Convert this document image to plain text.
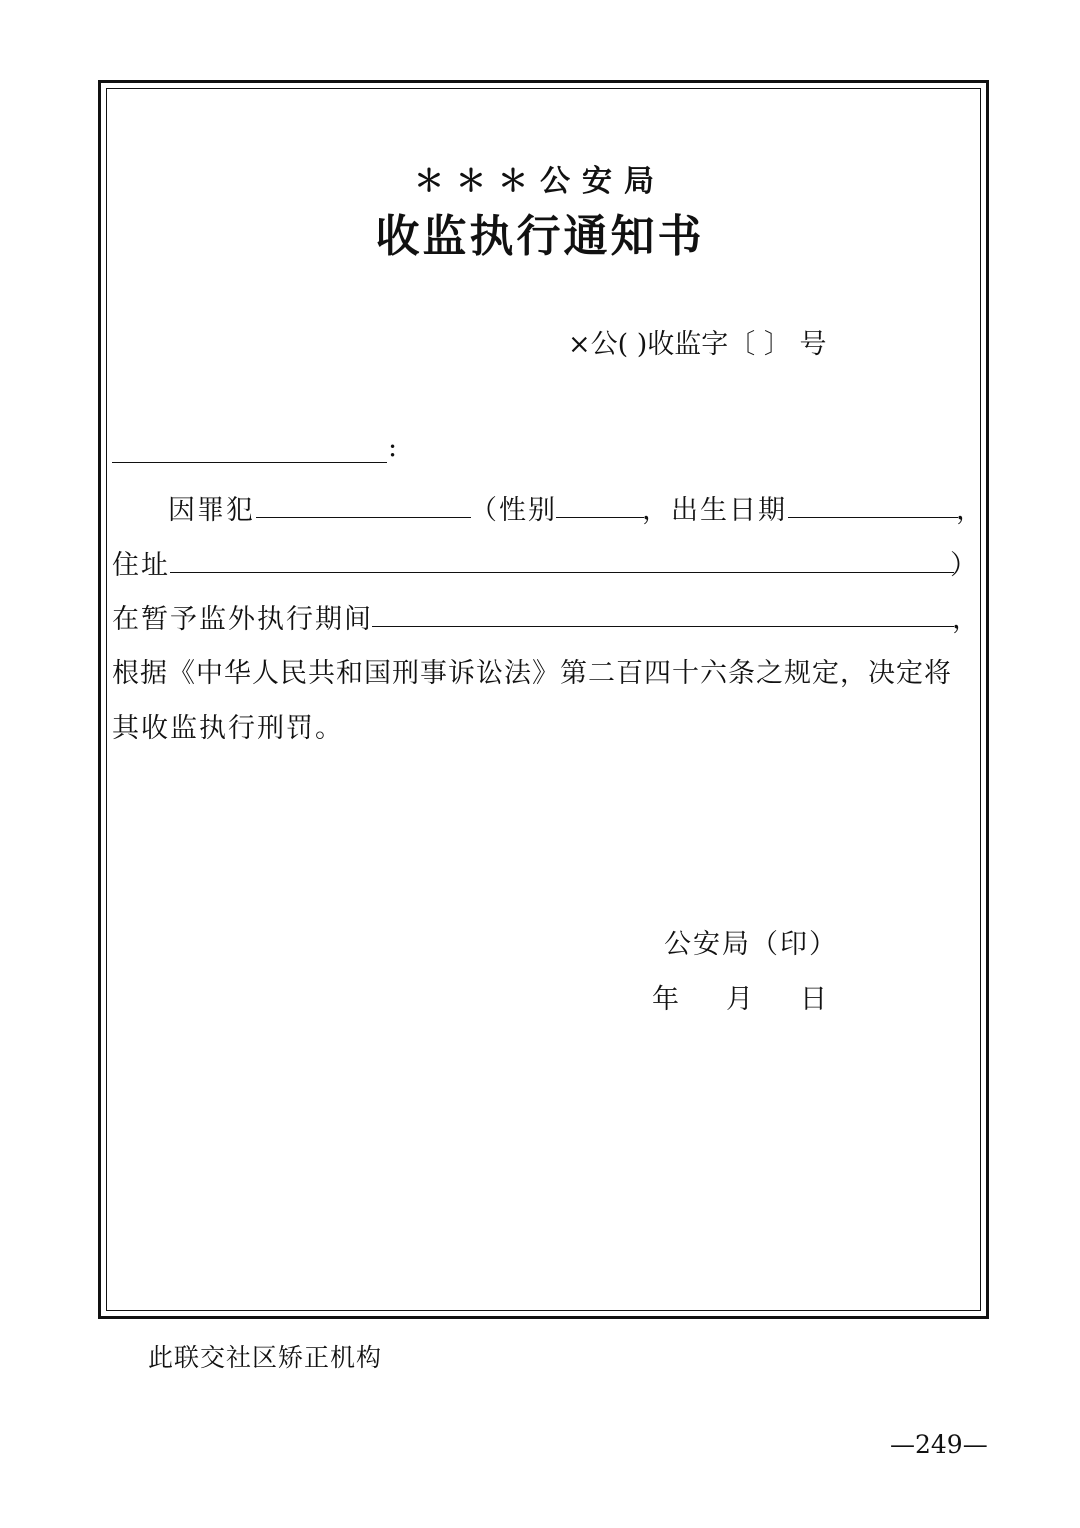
＊＊＊公安局
收监执行通知书
×公( )收监字〔 〕 号
:
因罪犯	（性别	，出生日期	，
住址	）
在暂予监外执行期间	，
根据《中华人民共和国刑事诉讼法》第二百四十六条之规定，决定将
其收监执行刑罚。
公安局（印）
年 月 日
此联交社区矫正机构
—249—
